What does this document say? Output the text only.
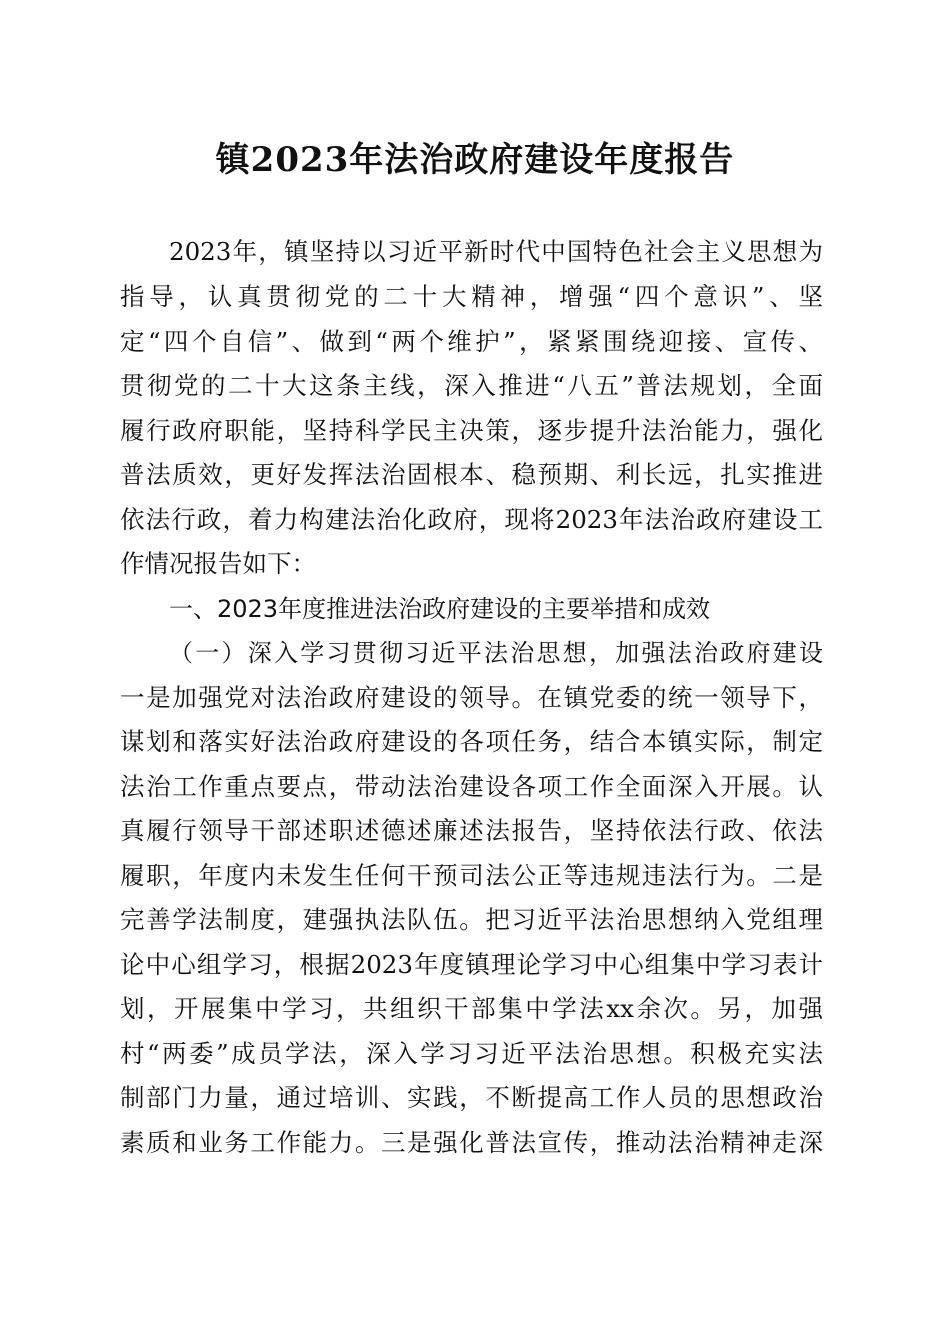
镇2023年法治政府建设年度报告
2023年，镇坚持以习近平新时代中国特色社会主义思想为
指导，认真贯彻党的二十大精神，增强“四个意识”、坚
定“四个自信”、做到“两个维护”，紧紧围绕迎接、宣传、
贯彻党的二十大这条主线，深入推进“八五”普法规划，全面
履行政府职能，坚持科学民主决策，逐步提升法治能力，强化
普法质效，更好发挥法治固根本、稳预期、利长远，扎实推进
依法行政，着力构建法治化政府，现将2023年法治政府建设工
作情况报告如下：
一、2023年度推进法治政府建设的主要举措和成效
（一）深入学习贯彻习近平法治思想，加强法治政府建设
一是加强党对法治政府建设的领导。在镇党委的统一领导下，
谋划和落实好法治政府建设的各项任务，结合本镇实际，制定
法治工作重点要点，带动法治建设各项工作全面深入开展。认
真履行领导干部述职述德述廉述法报告，坚持依法行政、依法
履职，年度内未发生任何干预司法公正等违规违法行为。二是
完善学法制度，建强执法队伍。把习近平法治思想纳入党组理
论中心组学习，根据2023年度镇理论学习中心组集中学习表计
划，开展集中学习，共组织干部集中学法xx余次。另，加强
村“两委”成员学法，深入学习习近平法治思想。积极充实法
制部门力量，通过培训、实践，不断提高工作人员的思想政治
素质和业务工作能力。三是强化普法宣传，推动法治精神走深
